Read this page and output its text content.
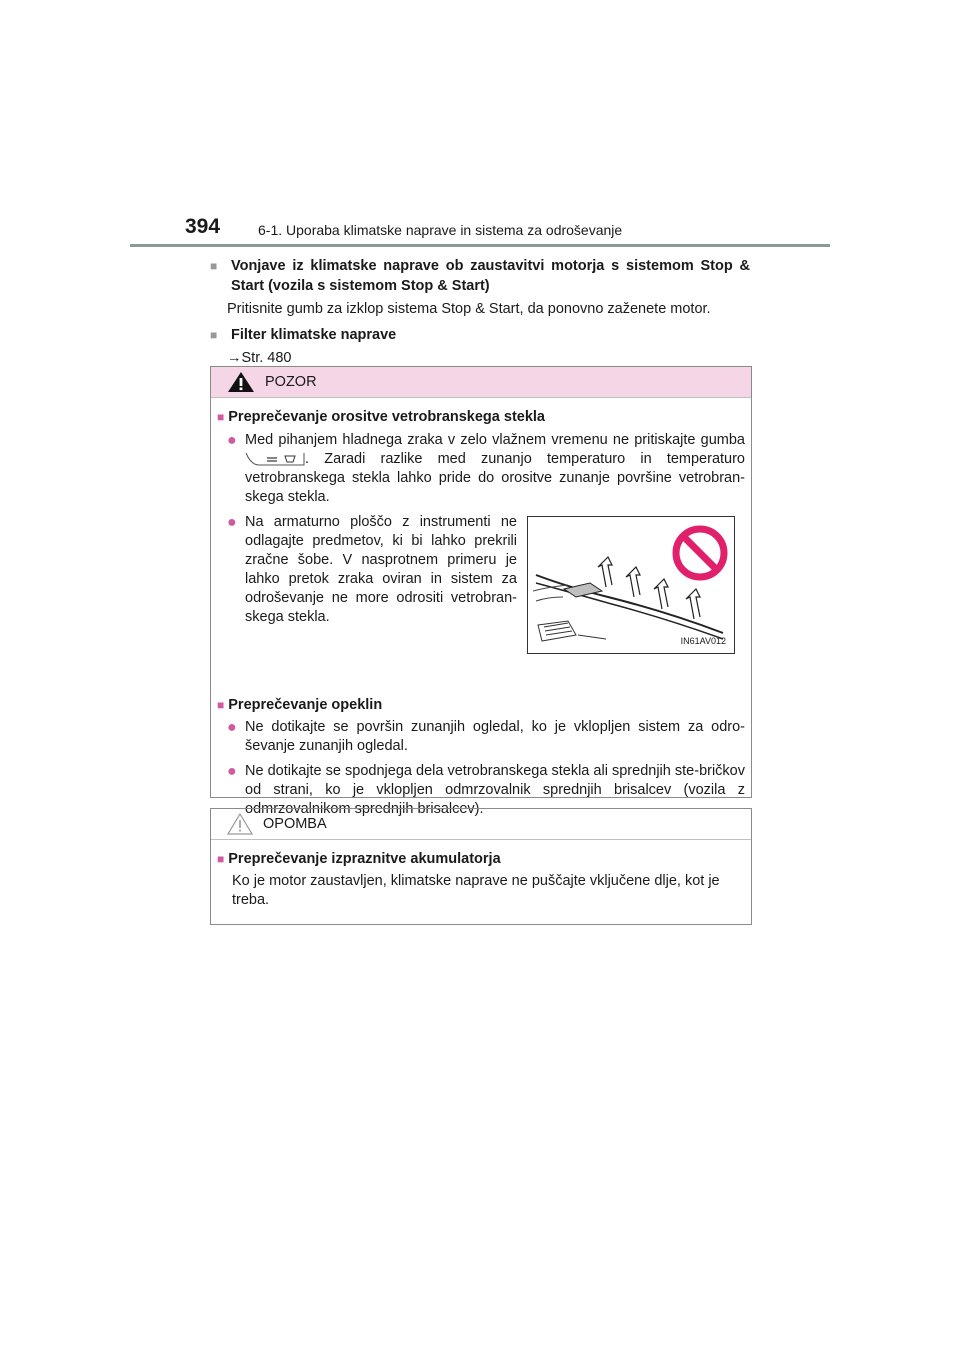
394	6-1. Uporaba klimatske naprave in sistema za odroševanje
■ Vonjave iz klimatske naprave ob zaustavitvi motorja s sistemom Stop & Start (vozila s sistemom Stop & Start)
Pritisnite gumb za izklop sistema Stop & Start, da ponovno zaženete motor.
■ Filter klimatske naprave
→Str. 480
POZOR
■ Preprečevanje orositve vetrobranskega stekla
● Med pihanjem hladnega zraka v zelo vlažnem vremenu ne pritiskajte gumba . Zaradi razlike med zunanjo temperaturo in temperaturo vetrobranskega stekla lahko pride do orositve zunanje površine vetrobran-skega stekla.
● Na armaturno ploščo z instrumenti ne odlagajte predmetov, ki bi lahko prekrili zračne šobe. V nasprotnem primeru je lahko pretok zraka oviran in sistem za odroševanje ne more odrositi vetrobran-skega stekla.
IN61AV012
■ Preprečevanje opeklin
● Ne dotikajte se površin zunanjih ogledal, ko je vklopljen sistem za odro-ševanje zunanjih ogledal.
● Ne dotikajte se spodnjega dela vetrobranskega stekla ali sprednjih ste-bričkov od strani, ko je vklopljen odmrzovalnik sprednjih brisalcev (vozila z odmrzovalnikom sprednjih brisalcev).
OPOMBA
■ Preprečevanje izpraznitve akumulatorja
Ko je motor zaustavljen, klimatske naprave ne puščajte vključene dlje, kot je treba.
